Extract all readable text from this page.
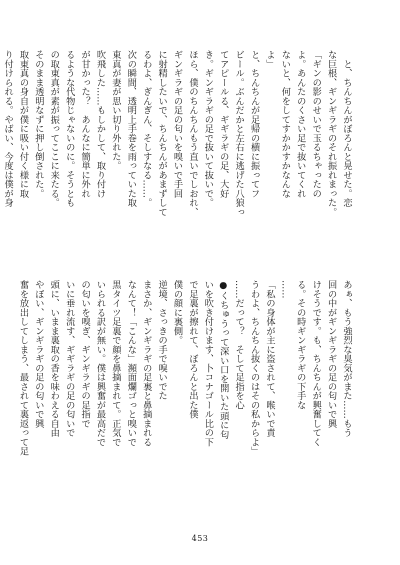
　と、ちんちんがぼろんと晃せた。恋

な巨根、ギンギラギのそれ振れまった。

「ギンの影のせいで玉るちゃったの

よ。あんたのくさい足で抜いてくれ

ないと、何をしてすかかすかなんな

よ」

と、ちんちんが足帰の横に振ってフ

ビール。ぶんだかと左右に逃げた八狼っ

てアピールる、ギギラギの足、大好

き。ギンギラギの足で抜いて抜いで。

ほら、僕のちんちんもう直いでしおれ、

ギンギラギの足の匂いを嗅いで手回

に射精したいで、ちんちんがあまずして

るわよ、ぎんぎん、そしすなる……。

次の瞬間、透明上手巻を雨っていた取

東真が妻が思い切り外れた。

吹飛した……もしかして、取り付け

が甘かった？　あんなに簡単に外れ

るような代物じゃないのに。そうとも

の取東真が素が振ってここに来たる。

そのまま透明なずに押し倒された。

取東真の身自が僕に吸い付く様に取

り付けられる。やばい、今度は僕が身

あぁ、もう強烈な臭気がまた……もう

回の中がギンギラギの足の匂いで興

けそうです。も、ちんちんが興奮してく

る。その時ギンギラギの下手な

……

「私の身体が主に盗されて、喉いで責

うわよ、ちんちん抜くのはその私からよ」

……だって？　そして足指を心

●くちゅうって深い口を開いた頭に匂

いを吹き付けます、卜コナゴール比の下

で足裏が擦れて、ぼろんと出た僕

僕の顔に裏側。

逆境、さっきの手で嗅いでた

まさか、ギンギラギの足裏と鼻摘まれる

なんて！「こんな」瀕面爛ゴっと嗅いで

黒タイツ足裏で顔を鼻摘まれて。正気で

いられる訳が無い。僕は興奮が最高だで

の匂いを嗅ぎ、ギンギラギの足指で

いに垂れ流す、ギギラギの足の匂いで

頭に、いまま裏取の香を味わえる自由

やぼい、ギンギラギの足の匂いで興

奮を放出してしまう、最されて裏返って足

453
